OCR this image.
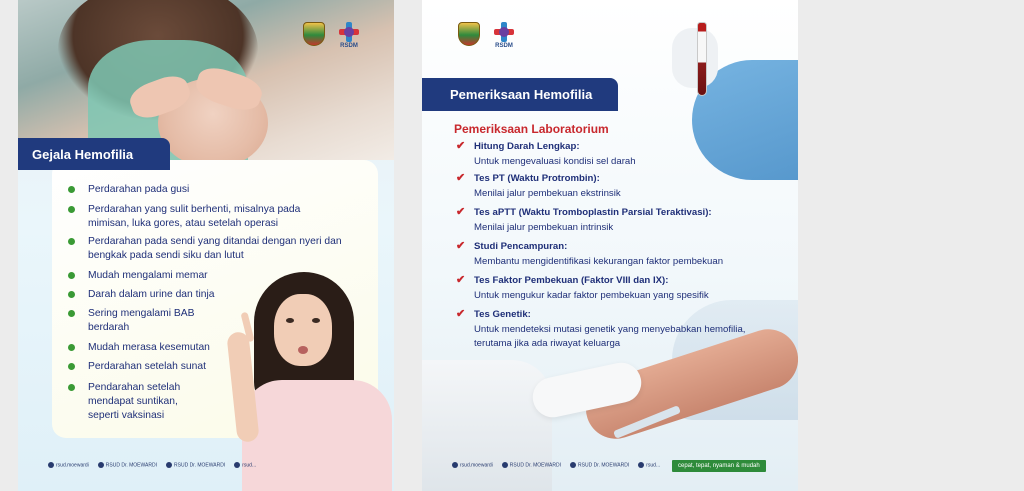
RSDM
Gejala Hemofilia
Perdarahan pada gusi
Perdarahan yang sulit berhenti, misalnya pada mimisan, luka gores, atau setelah operasi
Perdarahan pada sendi yang ditandai dengan nyeri dan bengkak pada sendi siku dan lutut
Mudah mengalami memar
Darah dalam urine dan tinja
Sering mengalami BAB berdarah
Mudah merasa kesemutan
Perdarahan setelah sunat
Pendarahan setelah mendapat suntikan, seperti vaksinasi
rsud.moewardi	RSUD Dr. MOEWARDI	RSUD Dr. MOEWARDI	rsud...
RSDM
Pemeriksaan Hemofilia
Pemeriksaan Laboratorium
✔ Hitung Darah Lengkap:
Untuk mengevaluasi kondisi sel darah
✔ Tes PT (Waktu Protrombin):
Menilai jalur pembekuan ekstrinsik
✔ Tes aPTT (Waktu Tromboplastin Parsial Teraktivasi):
Menilai jalur pembekuan intrinsik
✔ Studi Pencampuran:
Membantu mengidentifikasi kekurangan faktor pembekuan
✔ Tes Faktor Pembekuan (Faktor VIII dan IX):
Untuk mengukur kadar faktor pembekuan yang spesifik
✔ Tes Genetik:
Untuk mendeteksi mutasi genetik yang menyebabkan hemofilia, terutama jika ada riwayat keluarga
rsud.moewardi	RSUD Dr. MOEWARDI	RSUD Dr. MOEWARDI	rsud...	cepat, tepat, nyaman & mudah
